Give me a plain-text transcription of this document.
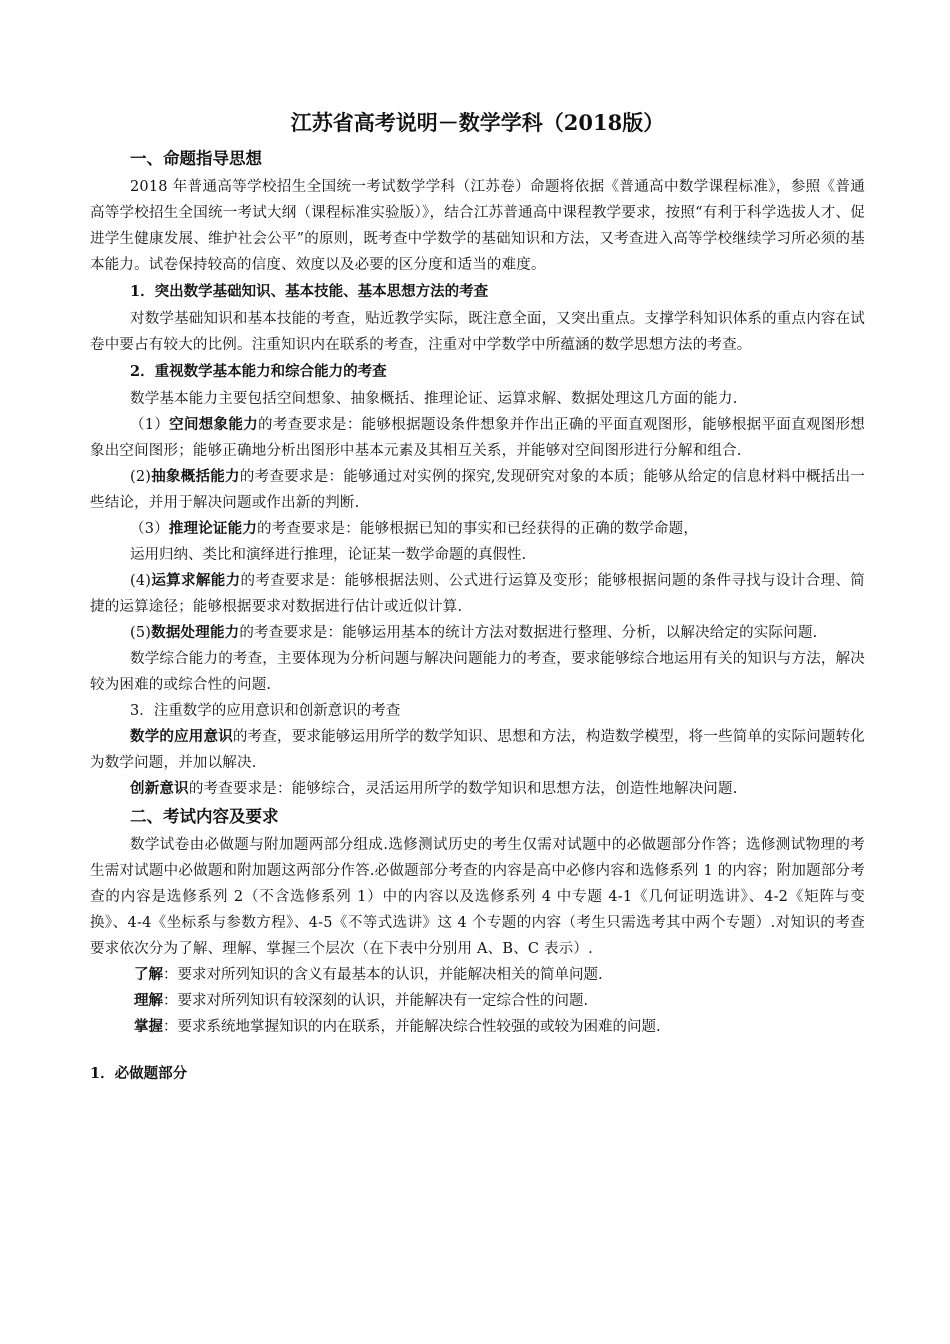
江苏省高考说明－数学学科（2018版）
一、命题指导思想
2018 年普通高等学校招生全国统一考试数学学科（江苏卷）命题将依据《普通高中数学课程标准》，参照《普通高等学校招生全国统一考试大纲（课程标准实验版）》，结合江苏普通高中课程教学要求，按照“有利于科学选拔人才、促进学生健康发展、维护社会公平”的原则，既考查中学数学的基础知识和方法，又考查进入高等学校继续学习所必须的基本能力。试卷保持较高的信度、效度以及必要的区分度和适当的难度。
1．突出数学基础知识、基本技能、基本思想方法的考查
对数学基础知识和基本技能的考查，贴近教学实际，既注意全面，又突出重点。支撑学科知识体系的重点内容在试卷中要占有较大的比例。注重知识内在联系的考查，注重对中学数学中所蕴涵的数学思想方法的考查。
2．重视数学基本能力和综合能力的考查
数学基本能力主要包括空间想象、抽象概括、推理论证、运算求解、数据处理这几方面的能力.
（1）空间想象能力的考查要求是：能够根据题设条件想象并作出正确的平面直观图形，能够根据平面直观图形想象出空间图形；能够正确地分析出图形中基本元素及其相互关系，并能够对空间图形进行分解和组合.
(2)抽象概括能力的考查要求是：能够通过对实例的探究,发现研究对象的本质；能够从给定的信息材料中概括出一些结论，并用于解决问题或作出新的判断.
（3）推理论证能力的考查要求是：能够根据已知的事实和已经获得的正确的数学命题，
运用归纳、类比和演绎进行推理，论证某一数学命题的真假性.
(4)运算求解能力的考查要求是：能够根据法则、公式进行运算及变形；能够根据问题的条件寻找与设计合理、简捷的运算途径；能够根据要求对数据进行估计或近似计算.
(5)数据处理能力的考查要求是：能够运用基本的统计方法对数据进行整理、分析，以解决给定的实际问题.
数学综合能力的考查，主要体现为分析问题与解决问题能力的考查，要求能够综合地运用有关的知识与方法，解决较为困难的或综合性的问题.
3．注重数学的应用意识和创新意识的考查
数学的应用意识的考查，要求能够运用所学的数学知识、思想和方法，构造数学模型，将一些简单的实际问题转化为数学问题，并加以解决.
创新意识的考查要求是：能够综合，灵活运用所学的数学知识和思想方法，创造性地解决问题.
二、考试内容及要求
数学试卷由必做题与附加题两部分组成.选修测试历史的考生仅需对试题中的必做题部分作答；选修测试物理的考生需对试题中必做题和附加题这两部分作答.必做题部分考查的内容是高中必修内容和选修系列 1 的内容；附加题部分考查的内容是选修系列 2（不含选修系列 1）中的内容以及选修系列 4 中专题 4-1《几何证明选讲》、4-2《矩阵与变换》、4-4《坐标系与参数方程》、4-5《不等式选讲》这 4 个专题的内容（考生只需选考其中两个专题）.对知识的考查要求依次分为了解、理解、掌握三个层次（在下表中分别用 A、B、C 表示）.
了解：要求对所列知识的含义有最基本的认识，并能解决相关的简单问题.
理解：要求对所列知识有较深刻的认识，并能解决有一定综合性的问题.
掌握：要求系统地掌握知识的内在联系，并能解决综合性较强的或较为困难的问题.
1．必做题部分
